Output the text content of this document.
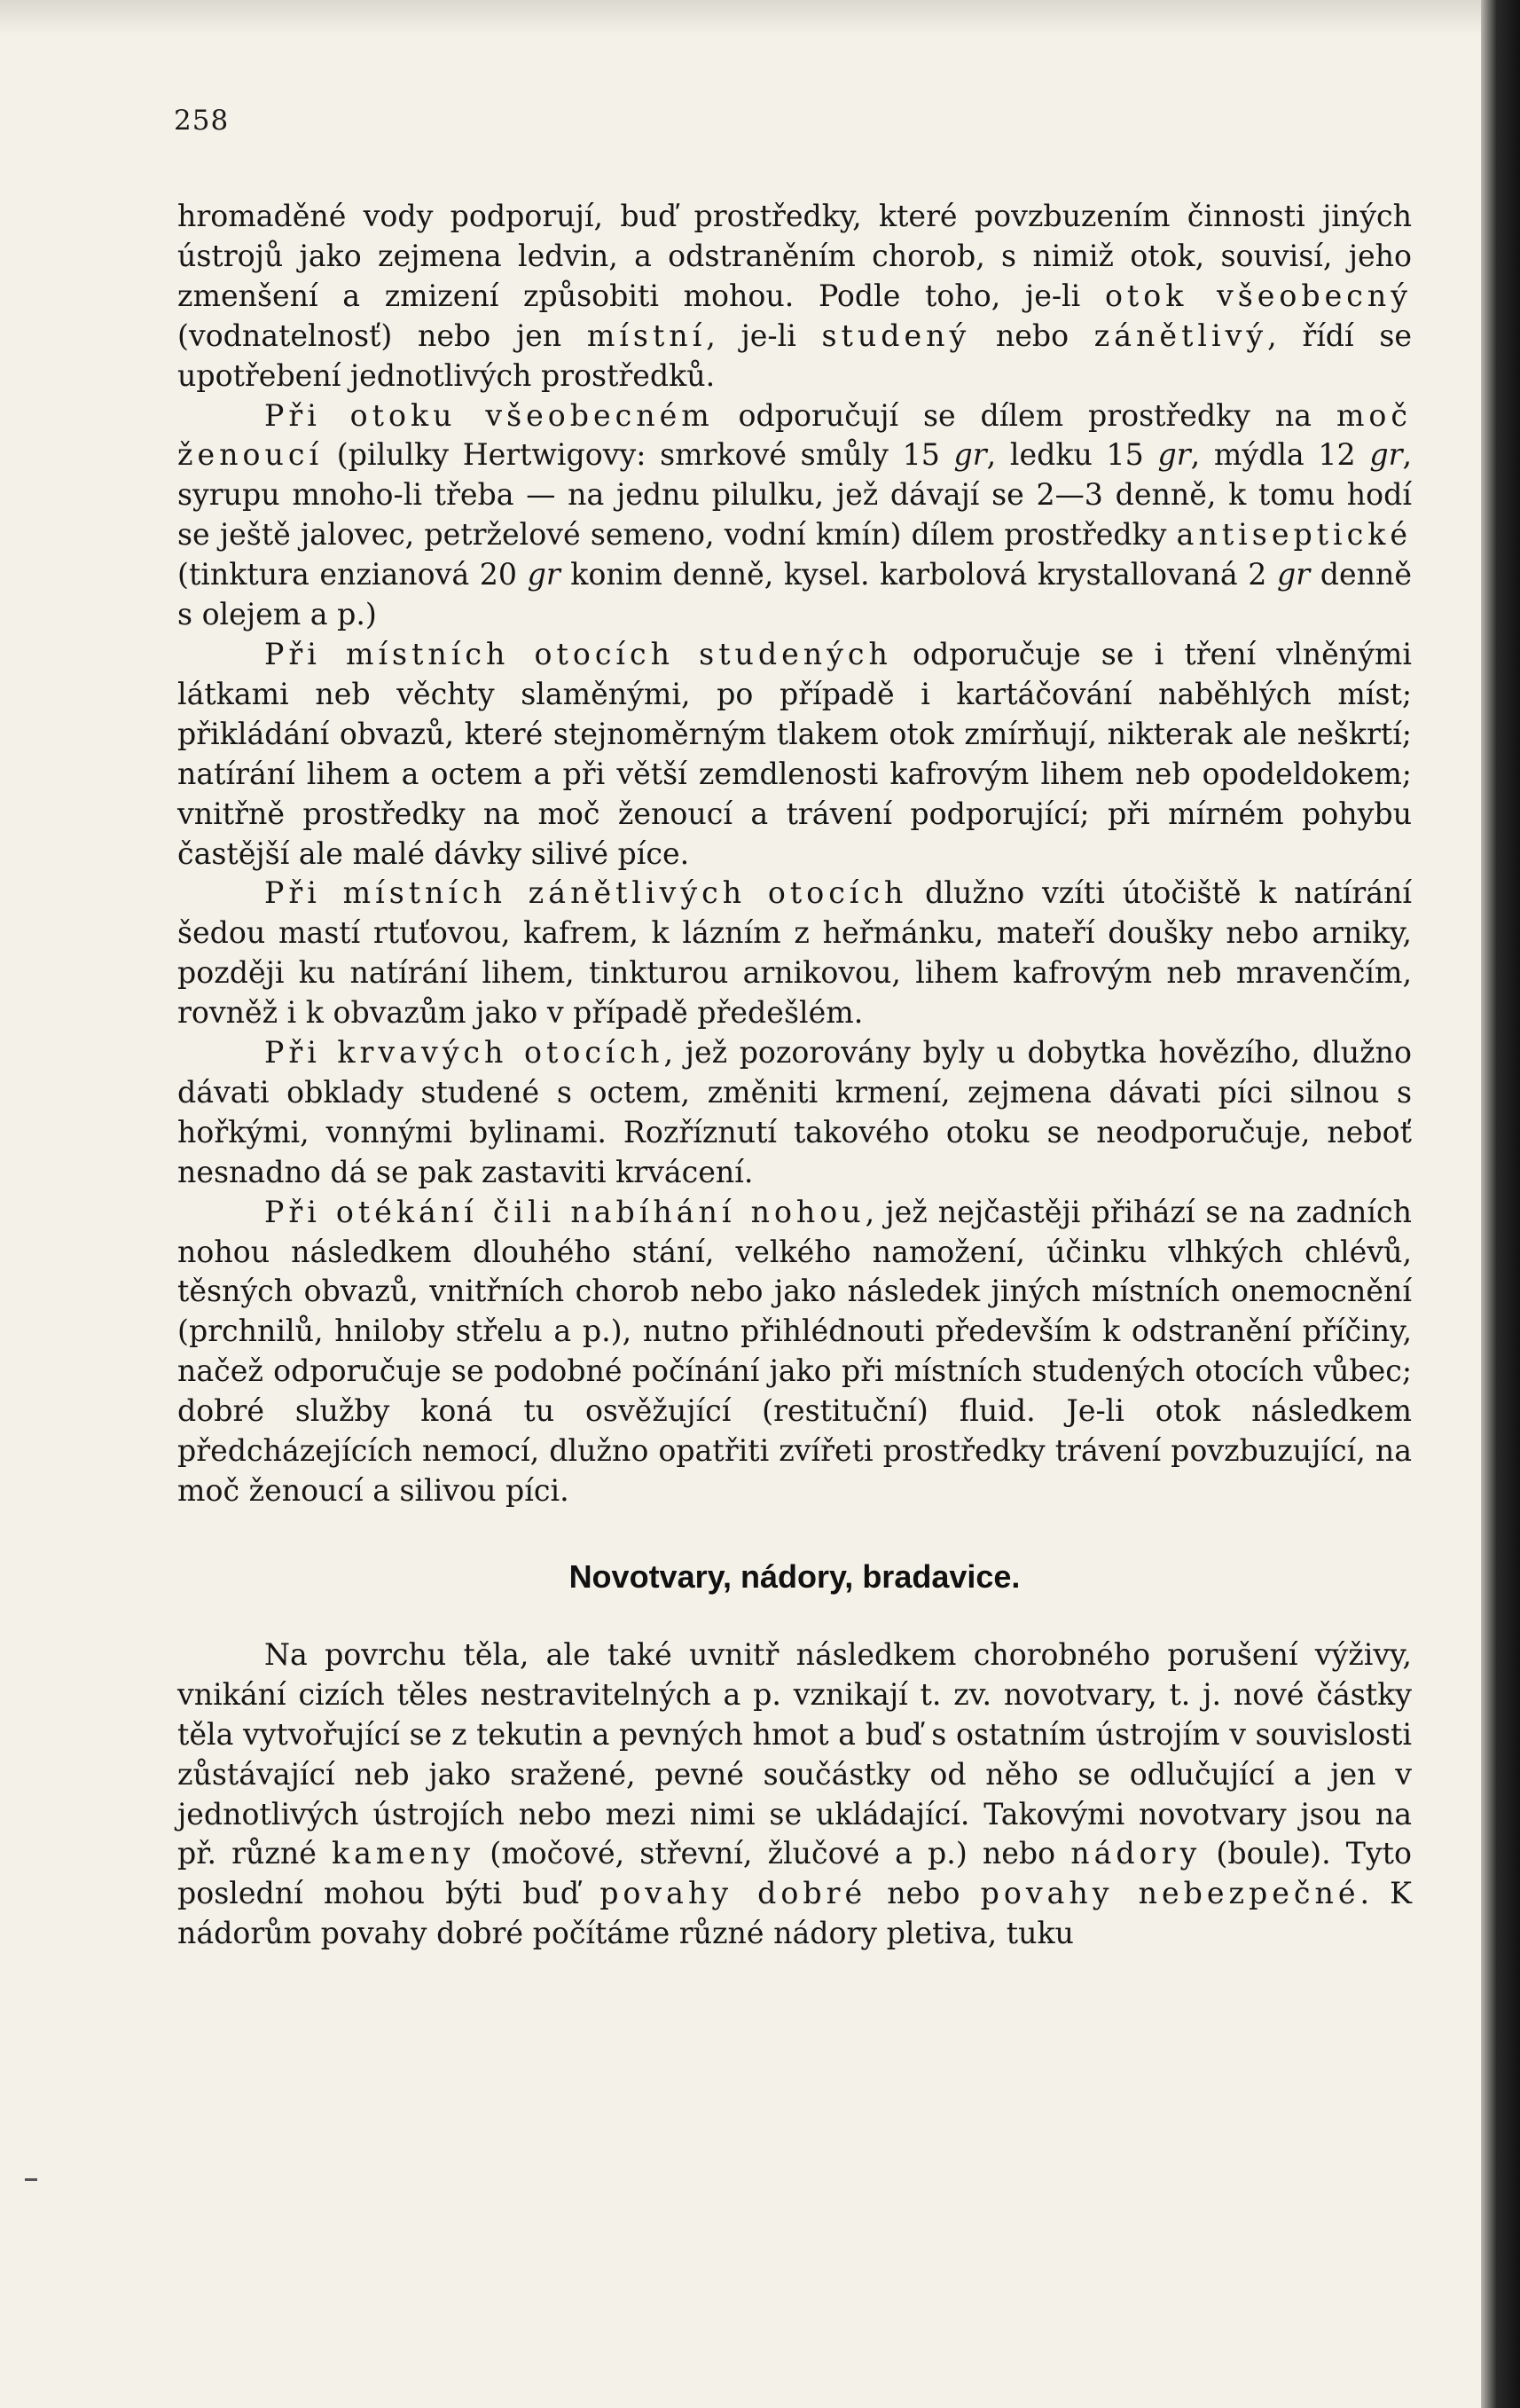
258

hromaděné vody podporují, buď prostředky, které povzbuzením činnosti jiných ústrojů jako zejmena ledvin, a odstraněním chorob, s nimiž otok, souvisí, jeho zmenšení a zmizení způsobiti mohou. Podle toho, je-li otok všeobecný (vodnatelnosť) nebo jen místní, je-li studený nebo zánětlivý, řídí se upotřebení jednotlivých prostředků.

Při otoku všeobecném odporučují se dílem prostředky na moč ženoucí (pilulky Hertwigovy: smrkové smůly 15 gr, ledku 15 gr, mýdla 12 gr, syrupu mnoho-li třeba — na jednu pilulku, jež dávají se 2—3 denně, k tomu hodí se ještě jalovec, petrželové semeno, vodní kmín) dílem prostředky antiseptické (tinktura enzianová 20 gr konim denně, kysel. karbolová krystallovaná 2 gr denně s olejem a p.)

Při místních otocích studených odporučuje se i tření vlněnými látkami neb věchty slaměnými, po případě i kartáčování naběhlých míst; přikládání obvazů, které stejnoměrným tlakem otok zmírňují, nikterak ale neškrtí; natírání lihem a octem a při větší zemdlenosti kafrovým lihem neb opodeldokem; vnitřně prostředky na moč ženoucí a trávení podporující; při mírném pohybu častější ale malé dávky silivé píce.

Při místních zánětlivých otocích dlužno vzíti útočiště k natírání šedou mastí rtuťovou, kafrem, k lázním z heřmánku, mateří doušky nebo arniky, později ku natírání lihem, tinkturou arnikovou, lihem kafrovým neb mravenčím, rovněž i k obvazům jako v případě předešlém.

Při krvavých otocích, jež pozorovány byly u dobytka hovězího, dlužno dávati obklady studené s octem, změniti krmení, zejmena dávati píci silnou s hořkými, vonnými bylinami. Rozříznutí takového otoku se neodporučuje, neboť nesnadno dá se pak zastaviti krvácení.

Při otékání čili nabíhání nohou, jež nejčastěji přihází se na zadních nohou následkem dlouhého stání, velkého namožení, účinku vlhkých chlévů, těsných obvazů, vnitřních chorob nebo jako následek jiných místních onemocnění (prchnilů, hniloby střelu a p.), nutno přihlédnouti především k odstranění příčiny, načež odporučuje se podobné počínání jako při místních studených otocích vůbec; dobré služby koná tu osvěžující (restituční) fluid. Je-li otok následkem předcházejících nemocí, dlužno opatřiti zvířeti prostředky trávení povzbuzující, na moč ženoucí a silivou píci.

Novotvary, nádory, bradavice.

Na povrchu těla, ale také uvnitř následkem chorobného porušení výživy, vnikání cizích těles nestravitelných a p. vznikají t. zv. novotvary, t. j. nové částky těla vytvořující se z tekutin a pevných hmot a buď s ostatním ústrojím v souvislosti zůstávající neb jako sražené, pevné součástky od něho se odlučující a jen v jednotlivých ústrojích nebo mezi nimi se ukládající. Takovými novotvary jsou na př. různé kameny (močové, střevní, žlučové a p.) nebo nádory (boule). Tyto poslední mohou býti buď povahy dobré nebo povahy nebezpečné. K nádorům povahy dobré počítáme různé nádory pletiva, tuku
